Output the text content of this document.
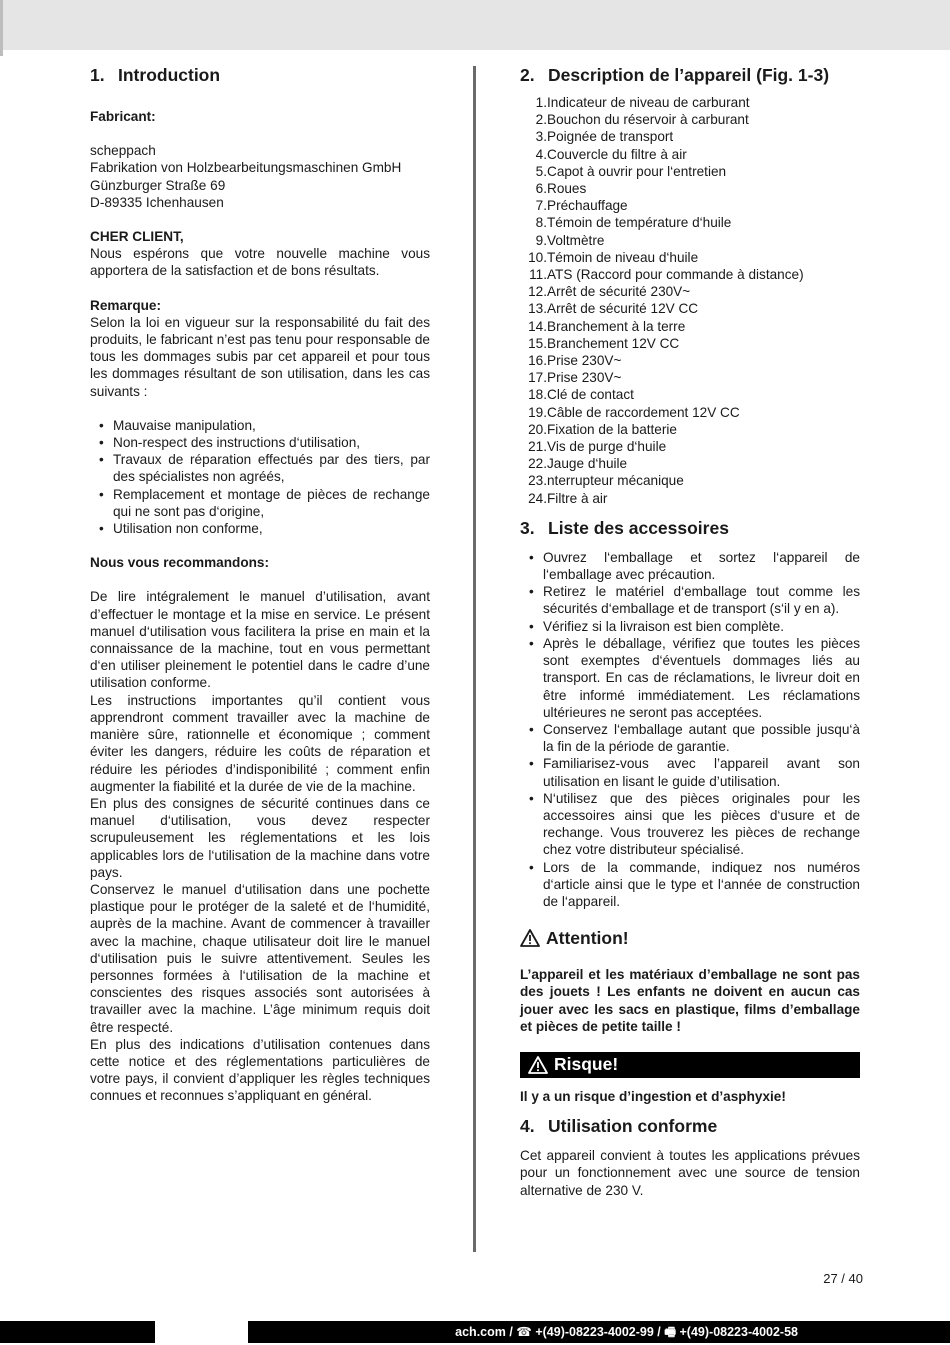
1. Introduction

Fabricant:

scheppach

Fabrikation von Holzbearbeitungsmaschinen GmbH

Günzburger Straße 69

D-89335 Ichenhausen

CHER CLIENT,

Nous espérons que votre nouvelle machine vous apportera de la satisfaction et de bons résultats.

Remarque:

Selon la loi en vigueur sur la responsabilité du fait des produits, le fabricant n’est pas tenu pour responsable de tous les dommages subis par cet appareil et pour tous les dommages résultant de son utilisation, dans les cas suivants :

• Mauvaise manipulation,
• Non-respect des instructions d‘utilisation,
• Travaux de réparation effectués par des tiers, par des spécialistes non agréés,
• Remplacement et montage de pièces de rechange qui ne sont pas d‘origine,
• Utilisation non conforme,

Nous vous recommandons:

De lire intégralement le manuel d’utilisation, avant d’effectuer le montage et la mise en service. Le présent manuel d‘utilisation vous facilitera la prise en main et la connaissance de la machine, tout en vous permettant d‘en utiliser pleinement le potentiel dans le cadre d’une utilisation conforme.

Les instructions importantes qu’il contient vous apprendront comment travailler avec la machine de manière sûre, rationnelle et économique ; comment éviter les dangers, réduire les coûts de réparation et réduire les périodes d’indisponibilité ; comment enfin augmenter la fiabilité et la durée de vie de la machine.

En plus des consignes de sécurité continues dans ce manuel d‘utilisation, vous devez respecter scrupuleusement les réglementations et les lois applicables lors de l‘utilisation de la machine dans votre pays.

Conservez le manuel d‘utilisation dans une pochette plastique pour le protéger de la saleté et de l‘humidité, auprès de la machine. Avant de commencer à travailler avec la machine, chaque utilisateur doit lire le manuel d‘utilisation puis le suivre attentivement. Seules les personnes formées à l‘utilisation de la machine et conscientes des risques associés sont autorisées à travailler avec la machine. L’âge minimum requis doit être respecté.

En plus des indications d’utilisation contenues dans cette notice et des réglementations particulières de votre pays, il convient d’appliquer les règles techniques connues et reconnues s’appliquant en général.

2. Description de l’appareil (Fig. 1-3)
1. Indicateur de niveau de carburant
2. Bouchon du réservoir à carburant
3. Poignée de transport
4. Couvercle du filtre à air
5. Capot à ouvrir pour l‘entretien
6. Roues
7. Préchauffage
8. Témoin de température d‘huile
9. Voltmètre
10. Témoin de niveau d‘huile
11. ATS (Raccord pour commande à distance)
12. Arrêt de sécurité 230V~
13. Arrêt de sécurité 12V CC
14. Branchement à la terre
15. Branchement 12V CC
16. Prise 230V~
17. Prise 230V~
18. Clé de contact
19. Câble de raccordement 12V CC
20. Fixation de la batterie
21. Vis de purge d‘huile
22. Jauge d‘huile
23. nterrupteur mécanique
24. Filtre à air
3. Liste des accessoires
• Ouvrez l‘emballage et sortez l‘appareil de l‘emballage avec précaution.
• Retirez le matériel d‘emballage tout comme les sécurités d‘emballage et de transport (s‘il y en a).
• Vérifiez si la livraison est bien complète.
• Après le déballage, vérifiez que toutes les pièces sont exemptes d‘éventuels dommages liés au transport. En cas de réclamations, le livreur doit en être informé immédiatement. Les réclamations ultérieures ne seront pas acceptées.
• Conservez l‘emballage autant que possible jusqu‘à la fin de la période de garantie.
• Familiarisez-vous avec l’appareil avant son utilisation en lisant le guide d’utilisation.
• N‘utilisez que des pièces originales pour les accessoires ainsi que les pièces d‘usure et de rechange. Vous trouverez les pièces de rechange chez votre distributeur spécialisé.
• Lors de la commande, indiquez nos numéros d‘article ainsi que le type et l‘année de construction de l‘appareil.
Attention!

L’appareil et les matériaux d’emballage ne sont pas des jouets ! Les enfants ne doivent en aucun cas jouer avec les sacs en plastique, films d’emballage et pièces de petite taille !

Risque!

Il y a un risque d’ingestion et d’asphyxie!

4. Utilisation conforme

Cet appareil convient à toutes les applications prévues pour un fonctionnement avec une source de tension alternative de 230 V.

27 / 40
ach.com / ☎ +(49)-08223-4002-99 / 🖷 +(49)-08223-4002-58
